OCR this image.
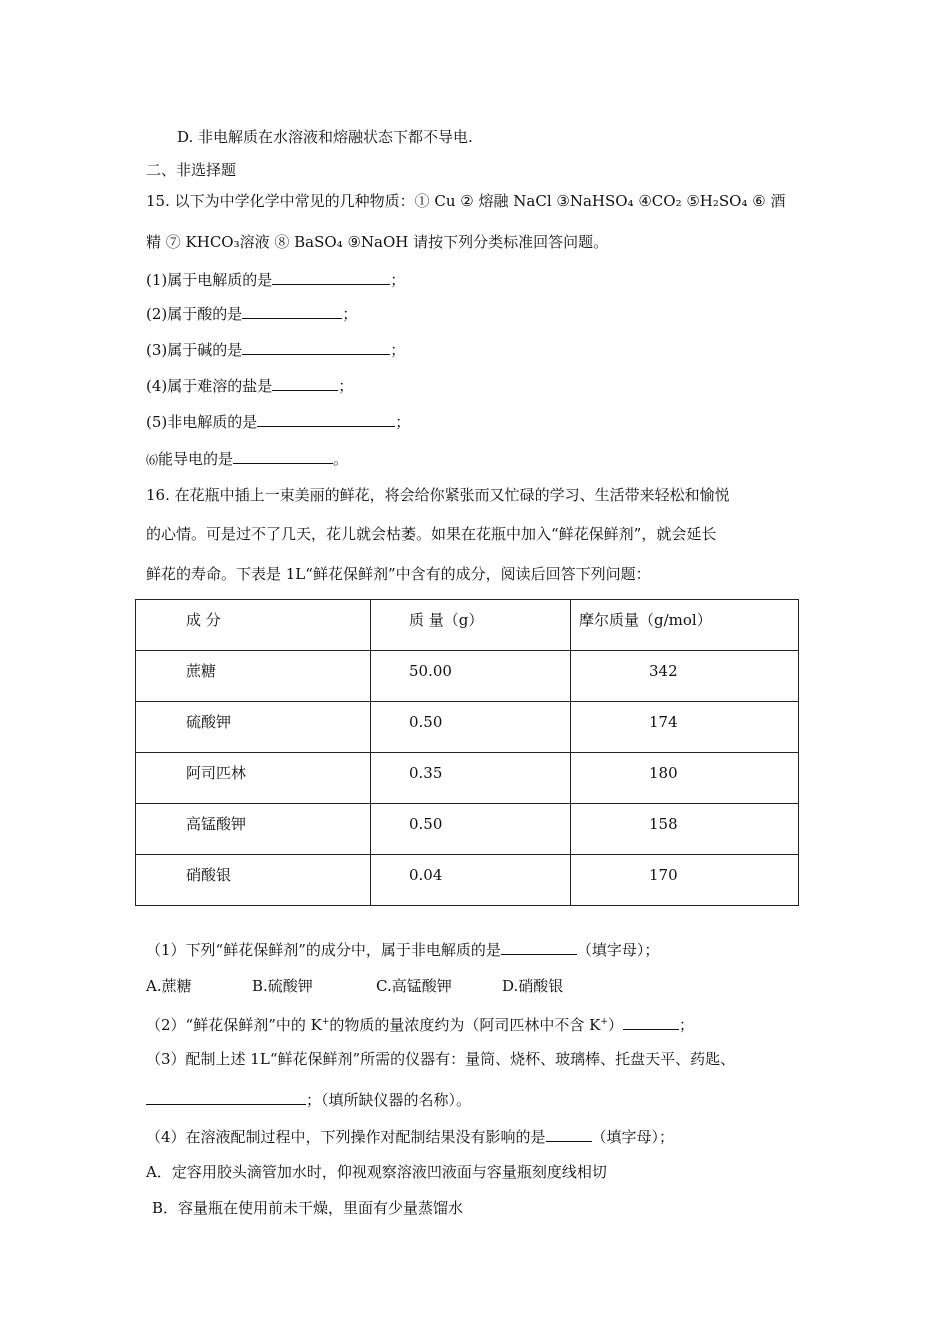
D. 非电解质在水溶液和熔融状态下都不导电.
二、非选择题
15. 以下为中学化学中常见的几种物质：① Cu ② 熔融 NaCl ③NaHSO₄ ④CO₂ ⑤H₂SO₄ ⑥ 酒
精 ⑦ KHCO₃溶液 ⑧ BaSO₄ ⑨NaOH 请按下列分类标准回答问题。
(1)属于电解质的是	；
(2)属于酸的是	；
(3)属于碱的是	；
(4)属于难溶的盐是	；
(5)非电解质的是	；
⑹能导电的是	。
16. 在花瓶中插上一束美丽的鲜花，将会给你紧张而又忙碌的学习、生活带来轻松和愉悦
的心情。可是过不了几天，花儿就会枯萎。如果在花瓶中加入“鲜花保鲜剂”，就会延长
鲜花的寿命。下表是 1L“鲜花保鲜剂”中含有的成分，阅读后回答下列问题：
成 分	质 量（g）	摩尔质量（g/mol）

蔗糖	50.00	342

硫酸钾	0.50	174

阿司匹林	0.35	180

高锰酸钾	0.50	158

硝酸银	0.04	170
（1）下列“鲜花保鲜剂”的成分中，属于非电解质的是	（填字母）；
A.蔗糖	B.硫酸钾	C.高锰酸钾	D.硝酸银
（2）“鲜花保鲜剂”中的 K+的物质的量浓度约为（阿司匹林中不含 K+）	；
（3）配制上述 1L“鲜花保鲜剂”所需的仪器有：量筒、烧杯、玻璃棒、托盘天平、药匙、
；（填所缺仪器的名称）。
（4）在溶液配制过程中，下列操作对配制结果没有影响的是	（填字母）；
A．定容用胶头滴管加水时，仰视观察溶液凹液面与容量瓶刻度线相切
B．容量瓶在使用前未干燥，里面有少量蒸馏水
